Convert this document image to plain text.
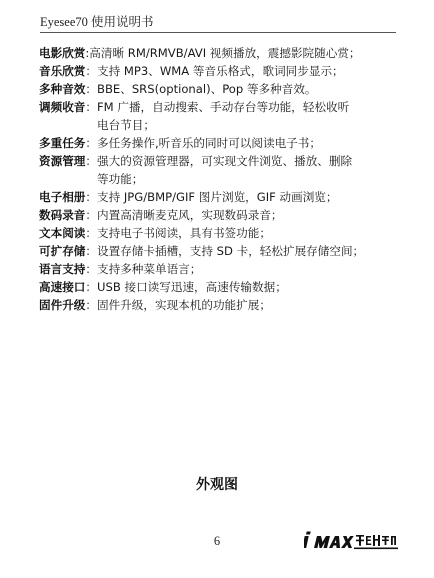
Eyesee70 使用说明书
电影欣赏 : 高清晰 RM/RMVB/AVI 视频播放，震撼影院随心赏；
音乐欣赏 ： 支持 MP3、WMA 等音乐格式，歌词同步显示；
多种音效 ： BBE、SRS(optional)、Pop 等多种音效。
调频收音 ： FM 广播，自动搜索、手动存台等功能，轻松收听
电台节目；
多重任务 ： 多任务操作,听音乐的同时可以阅读电子书；
资源管理 ： 强大的资源管理器，可实现文件浏览、播放、删除
等功能；
电子相册 ： 支持 JPG/BMP/GIF 图片浏览，GIF 动画浏览；
数码录音 ： 内置高清晰麦克风，实现数码录音；
文本阅读 ： 支持电子书阅读，具有书签功能；
可扩存储 ： 设置存储卡插槽，支持 SD 卡，轻松扩展存储空间；
语言支持 ： 支持多种菜单语言；
高速接口 ： USB 接口读写迅速，高速传输数据；
固件升级 ： 固件升级，实现本机的功能扩展；
外观图
6
